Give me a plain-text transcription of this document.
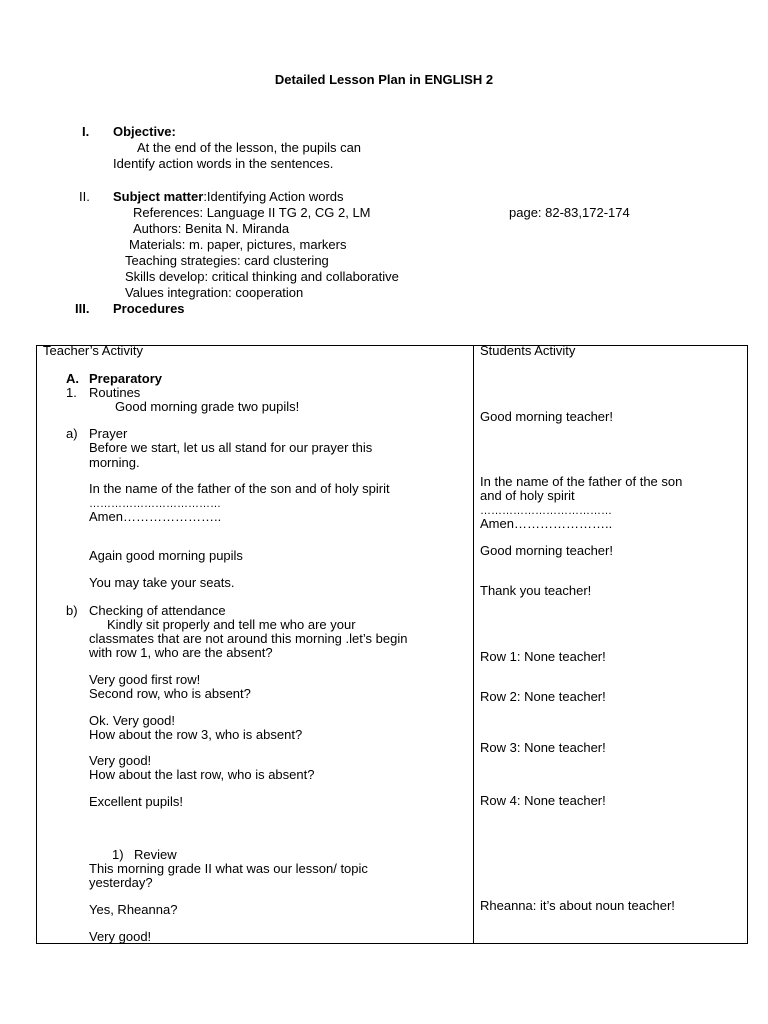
Detailed Lesson Plan in ENGLISH 2
I. Objective:
At the end of the lesson, the pupils can
Identify action words in the sentences.
II. Subject matter:Identifying Action words
References: Language II TG 2, CG 2, LM	page: 82-83,172-174
Authors: Benita N. Miranda
Materials: m. paper, pictures, markers
Teaching strategies: card clustering
Skills develop: critical thinking and collaborative
Values integration: cooperation
III. Procedures
Teacher’s Activity
A. Preparatory
1. Routines
Good morning grade two pupils!
a) Prayer
Before we start, let us all stand for our prayer this
morning.
In the name of the father of the son and of holy spirit
………………………………
Amen…………………..
Again good morning pupils
You may take your seats.
b) Checking of attendance
Kindly sit properly and tell me who are your
classmates that are not around this morning .let’s begin
with row 1, who are the absent?
Very good first row!
Second row, who is absent?
Ok. Very good!
How about the row 3, who is absent?
Very good!
How about the last row, who is absent?
Excellent pupils!
1) Review
This morning grade II what was our lesson/ topic
yesterday?
Yes, Rheanna?
Very good!
Students Activity
Good morning teacher!
In the name of the father of the son
and of holy spirit
………………………………
Amen…………………..
Good morning teacher!
Thank you teacher!
Row 1: None teacher!
Row 2: None teacher!
Row 3: None teacher!
Row 4: None teacher!
Rheanna: it’s about noun teacher!
